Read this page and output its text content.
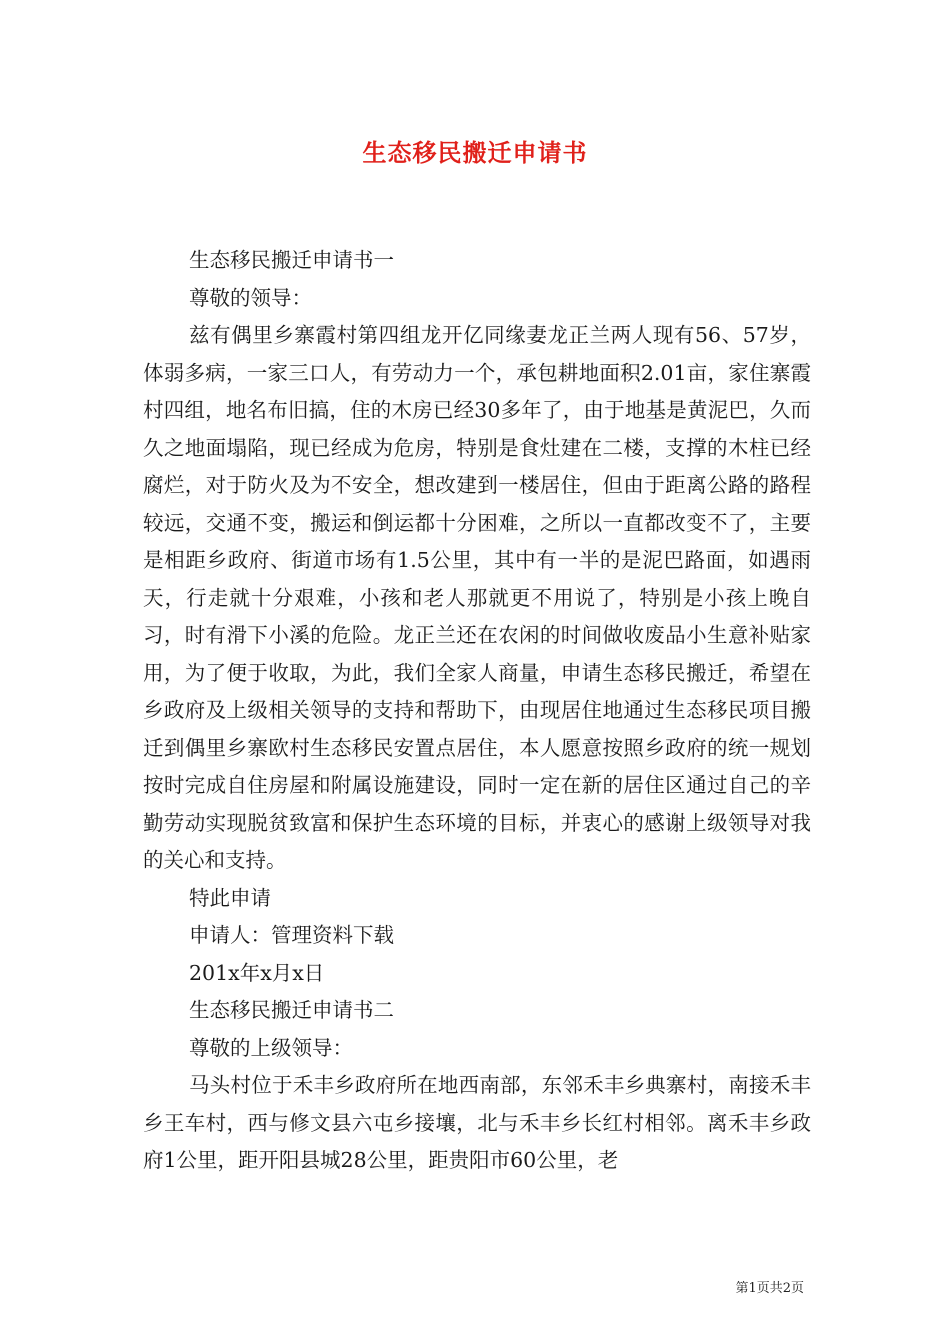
生态移民搬迁申请书

生态移民搬迁申请书一

尊敬的领导：

兹有偶里乡寨霞村第四组龙开亿同缘妻龙正兰两人现有56、57岁，体弱多病，一家三口人，有劳动力一个，承包耕地面积2.01亩，家住寨霞村四组，地名布旧搞，住的木房已经30多年了，由于地基是黄泥巴，久而久之地面塌陷，现已经成为危房，特别是食灶建在二楼，支撑的木柱已经腐烂，对于防火及为不安全，想改建到一楼居住，但由于距离公路的路程较远，交通不变，搬运和倒运都十分困难，之所以一直都改变不了，主要是相距乡政府、街道市场有1.5公里，其中有一半的是泥巴路面，如遇雨天，行走就十分艰难，小孩和老人那就更不用说了，特别是小孩上晚自习，时有滑下小溪的危险。龙正兰还在农闲的时间做收废品小生意补贴家用，为了便于收取，为此，我们全家人商量，申请生态移民搬迁，希望在乡政府及上级相关领导的支持和帮助下，由现居住地通过生态移民项目搬迁到偶里乡寨欧村生态移民安置点居住，本人愿意按照乡政府的统一规划按时完成自住房屋和附属设施建设，同时一定在新的居住区通过自己的辛勤劳动实现脱贫致富和保护生态环境的目标，并衷心的感谢上级领导对我的关心和支持。

特此申请

申请人：管理资料下载

201x年x月x日

生态移民搬迁申请书二

尊敬的上级领导：

马头村位于禾丰乡政府所在地西南部，东邻禾丰乡典寨村，南接禾丰乡王车村，西与修文县六屯乡接壤，北与禾丰乡长红村相邻。离禾丰乡政府1公里，距开阳县城28公里，距贵阳市60公里，老

第1页共2页
